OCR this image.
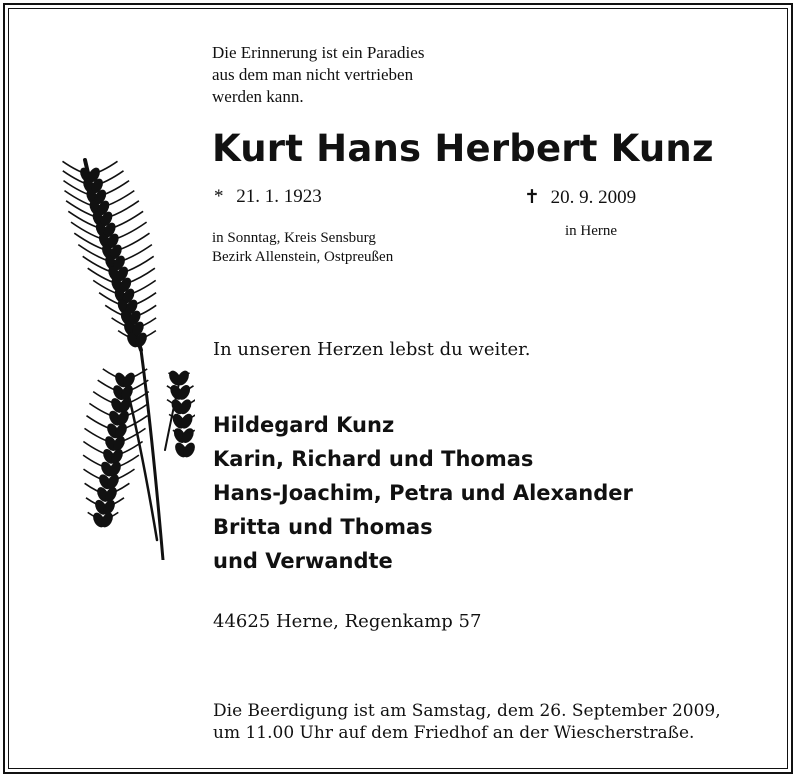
Die Erinnerung ist ein Paradies
aus dem man nicht vertrieben
werden kann.
Kurt Hans Herbert Kunz
* 21. 1. 1923	✝ 20. 9. 2009
in Sonntag, Kreis Sensburg
Bezirk Allenstein, Ostpreußen
in Herne
In unseren Herzen lebst du weiter.
Hildegard Kunz
Karin, Richard und Thomas
Hans-Joachim, Petra und Alexander
Britta und Thomas
und Verwandte
44625 Herne, Regenkamp 57
Die Beerdigung ist am Samstag, dem 26. September 2009,
um 11.00 Uhr auf dem Friedhof an der Wiescherstraße.
